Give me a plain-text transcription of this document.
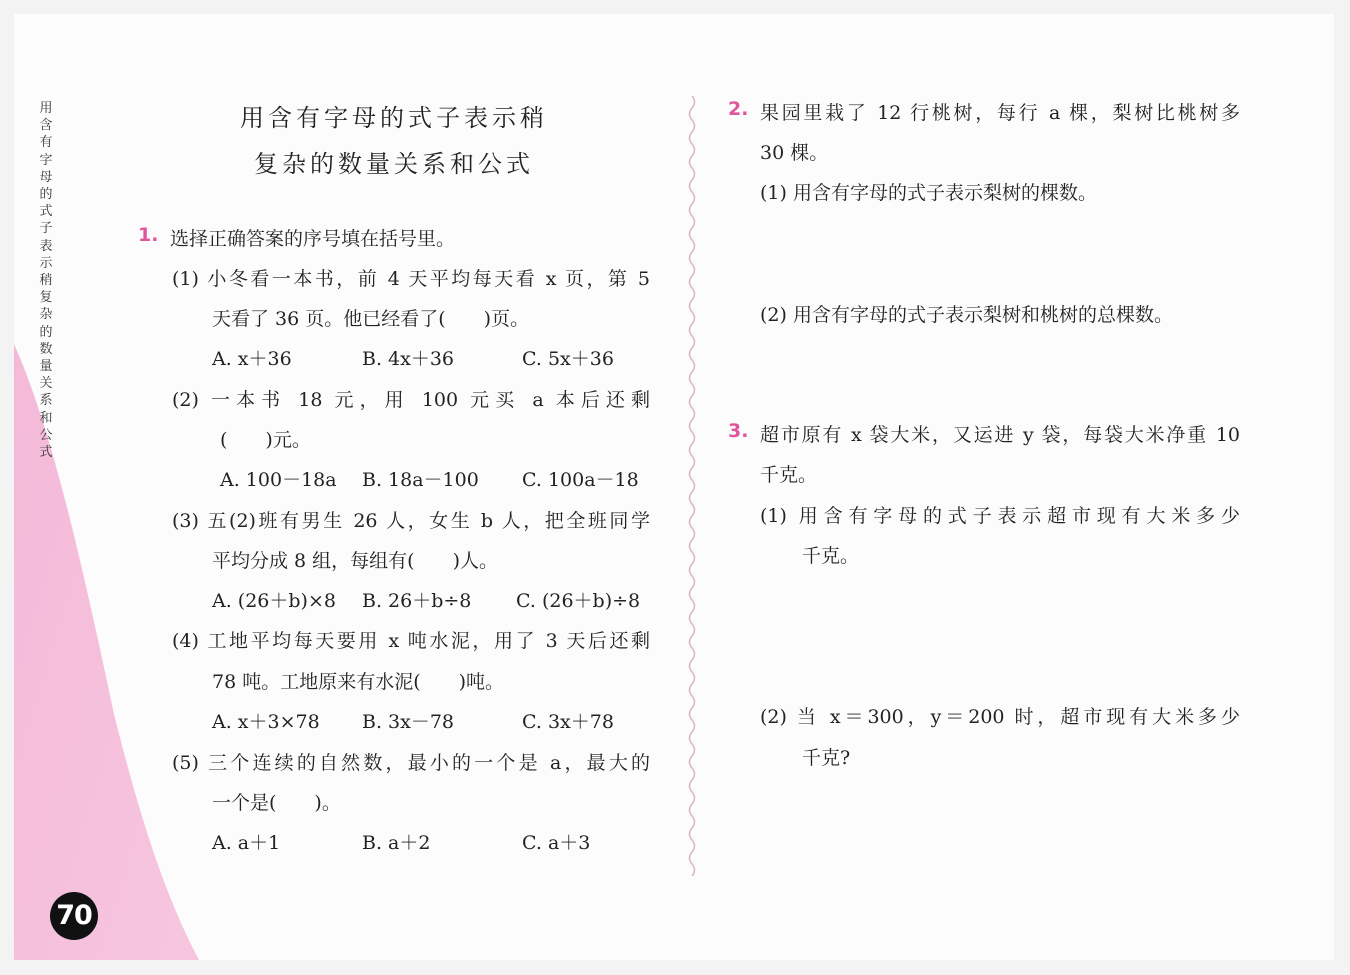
用
含
有
字
母
的
式
子
表
示
稍
复
杂
的
数
量
关
系
和
公
式
70
用含有字母的式子表示稍
复杂的数量关系和公式
1. 选择正确答案的序号填在括号里。
(1) 小冬看一本书，前 4 天平均每天看 x 页，第 5
天看了 36 页。他已经看了(　　)页。
A. x＋36	B. 4x＋36	C. 5x＋36
(2) 一本书 18 元，用 100 元买 a 本后还剩
(　　)元。
A. 100－18a B. 18a－100 C. 100a－18
(3) 五(2)班有男生 26 人，女生 b 人，把全班同学
平均分成 8 组，每组有(　　)人。
A. (26＋b)×8 B. 26＋b÷8 C. (26＋b)÷8
(4) 工地平均每天要用 x 吨水泥，用了 3 天后还剩
78 吨。工地原来有水泥(　　)吨。
A. x＋3×78 B. 3x－78	C. 3x＋78
(5) 三个连续的自然数，最小的一个是 a，最大的
一个是(　　)。
A. a＋1	B. a＋2	C. a＋3
2. 果园里栽了 12 行桃树，每行 a 棵，梨树比桃树多
30 棵。
(1) 用含有字母的式子表示梨树的棵数。
(2) 用含有字母的式子表示梨树和桃树的总棵数。
3. 超市原有 x 袋大米，又运进 y 袋，每袋大米净重 10
千克。
(1) 用含有字母的式子表示超市现有大米多少
千克。
(2) 当 x＝300，y＝200 时，超市现有大米多少
千克?
